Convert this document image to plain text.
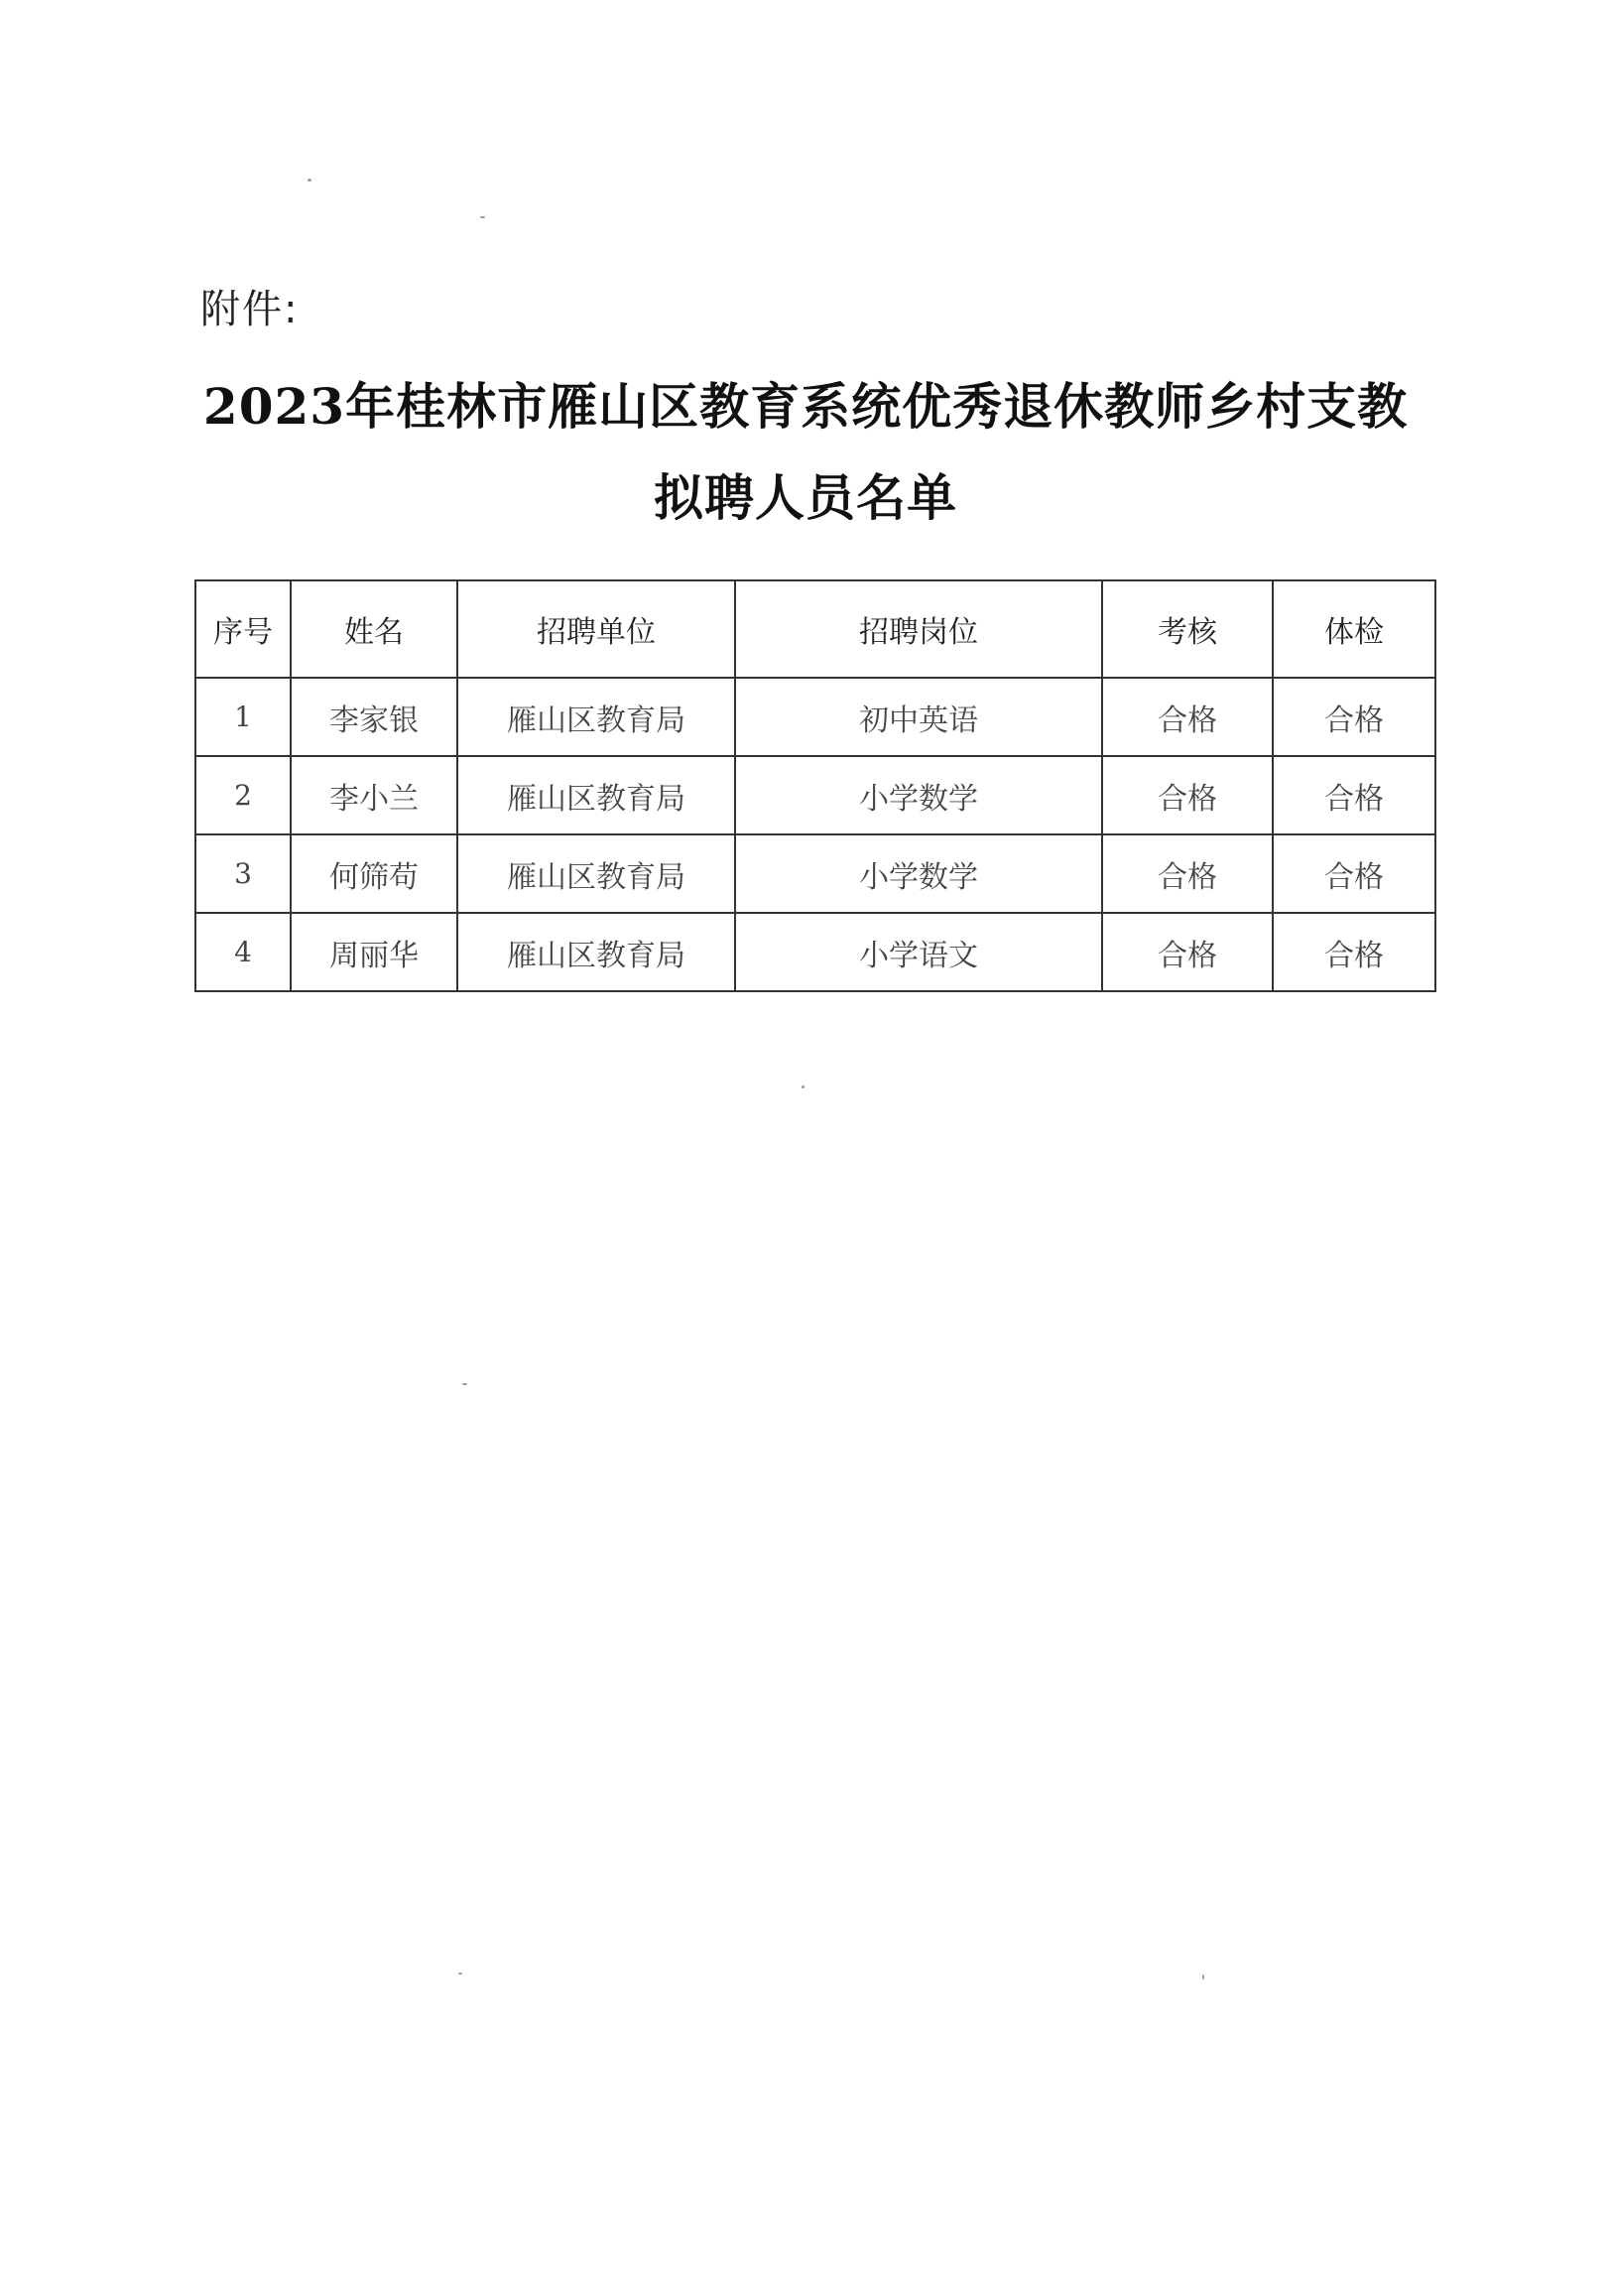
附件:
2023年桂林市雁山区教育系统优秀退休教师乡村支教
拟聘人员名单
序号	姓名	招聘单位	招聘岗位	考核	体检
1	李家银	雁山区教育局	初中英语	合格	合格
2	李小兰	雁山区教育局	小学数学	合格	合格
3	何筛苟	雁山区教育局	小学数学	合格	合格
4	周丽华	雁山区教育局	小学语文	合格	合格
